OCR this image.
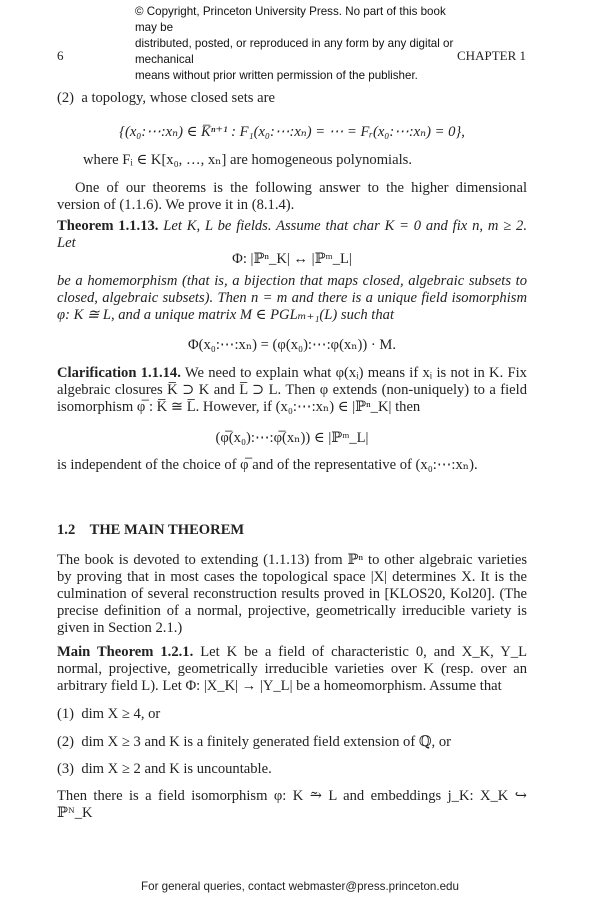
© Copyright, Princeton University Press. No part of this book may be
distributed, posted, or reproduced in any form by any digital or mechanical
means without prior written permission of the publisher.
6	CHAPTER 1
(2) a topology, whose closed sets are
{(x₀:⋯:xₙ) ∈ K̅ⁿ⁺¹ : F₁(x₀:⋯:xₙ) = ⋯ = Fᵣ(x₀:⋯:xₙ) = 0},
where Fᵢ ∈ K[x₀, …, xₙ] are homogeneous polynomials.
One of our theorems is the following answer to the higher dimensional version of (1.1.6). We prove it in (8.1.4).
Theorem 1.1.13. Let K, L be fields. Assume that char K = 0 and fix n, m ≥ 2. Let
Φ: |ℙⁿ_K| ↔ |ℙᵐ_L|
be a homemorphism (that is, a bijection that maps closed, algebraic subsets to closed, algebraic subsets). Then n = m and there is a unique field isomorphism φ: K ≅ L, and a unique matrix M ∈ PGLₘ₊₁(L) such that
Φ(x₀:⋯:xₙ) = (φ(x₀):⋯:φ(xₙ)) · M.
Clarification 1.1.14. We need to explain what φ(xᵢ) means if xᵢ is not in K. Fix algebraic closures K̅ ⊃ K and L̅ ⊃ L. Then φ extends (non-uniquely) to a field isomorphism φ̅ : K̅ ≅ L̅. However, if (x₀:⋯:xₙ) ∈ |ℙⁿ_K| then
(φ̅(x₀):⋯:φ̅(xₙ)) ∈ |ℙᵐ_L|
is independent of the choice of φ̅ and of the representative of (x₀:⋯:xₙ).
1.2 THE MAIN THEOREM
The book is devoted to extending (1.1.13) from ℙⁿ to other algebraic varieties by proving that in most cases the topological space |X| determines X. It is the culmination of several reconstruction results proved in [KLOS20, Kol20]. (The precise definition of a normal, projective, geometrically irreducible variety is given in Section 2.1.)
Main Theorem 1.2.1. Let K be a field of characteristic 0, and X_K, Y_L normal, projective, geometrically irreducible varieties over K (resp. over an arbitrary field L). Let Φ: |X_K| → |Y_L| be a homeomorphism. Assume that
(1) dim X ≥ 4, or
(2) dim X ≥ 3 and K is a finitely generated field extension of ℚ, or
(3) dim X ≥ 2 and K is uncountable.
Then there is a field isomorphism φ: K ⥲ L and embeddings j_K: X_K ↪ ℙᴺ_K
For general queries, contact webmaster@press.princeton.edu
